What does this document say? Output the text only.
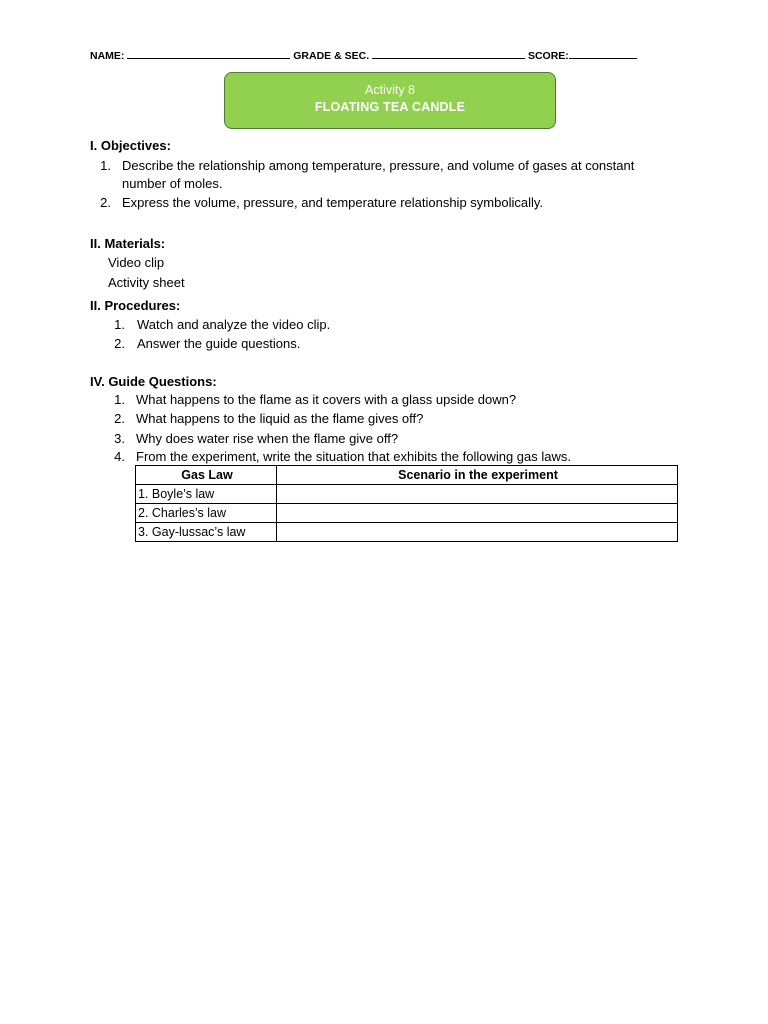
NAME:	GRADE & SEC.	SCORE:
Activity 8
FLOATING TEA CANDLE
I. Objectives:
1. Describe the relationship among temperature, pressure, and volume of gases at constant
number of moles.
2. Express the volume, pressure, and temperature relationship symbolically.
II. Materials:
Video clip
Activity sheet
II. Procedures:
1. Watch and analyze the video clip.
2. Answer the guide questions.
IV. Guide Questions:
1. What happens to the flame as it covers with a glass upside down?
2. What happens to the liquid as the flame gives off?
3. Why does water rise when the flame give off?
4. From the experiment, write the situation that exhibits the following gas laws.
Gas Law	Scenario in the experiment
1. Boyle’s law	
2. Charles’s law	
3. Gay-lussac’s law	
